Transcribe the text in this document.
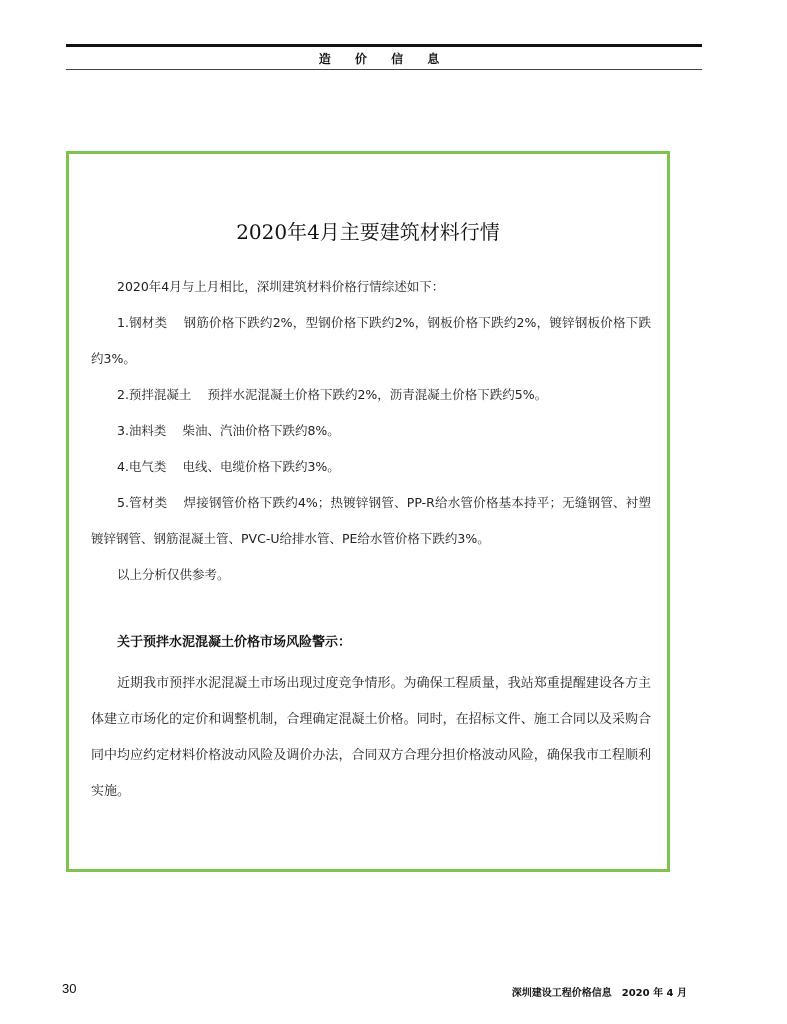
造 价 信 息
2020年4月主要建筑材料行情
2020年4月与上月相比，深圳建筑材料价格行情综述如下：
1.钢材类 钢筋价格下跌约2%，型钢价格下跌约2%，钢板价格下跌约2%，镀锌钢板价格下跌约3%。
2.预拌混凝土 预拌水泥混凝土价格下跌约2%，沥青混凝土价格下跌约5%。
3.油料类 柴油、汽油价格下跌约8%。
4.电气类 电线、电缆价格下跌约3%。
5.管材类 焊接钢管价格下跌约4%；热镀锌钢管、PP-R给水管价格基本持平；无缝钢管、衬塑镀锌钢管、钢筋混凝土管、PVC-U给排水管、PE给水管价格下跌约3%。
以上分析仅供参考。
关于预拌水泥混凝土价格市场风险警示：
近期我市预拌水泥混凝土市场出现过度竞争情形。为确保工程质量，我站郑重提醒建设各方主体建立市场化的定价和调整机制，合理确定混凝土价格。同时，在招标文件、施工合同以及采购合同中均应约定材料价格波动风险及调价办法，合同双方合理分担价格波动风险，确保我市工程顺利实施。
30	深圳建设工程价格信息　2020 年 4 月
